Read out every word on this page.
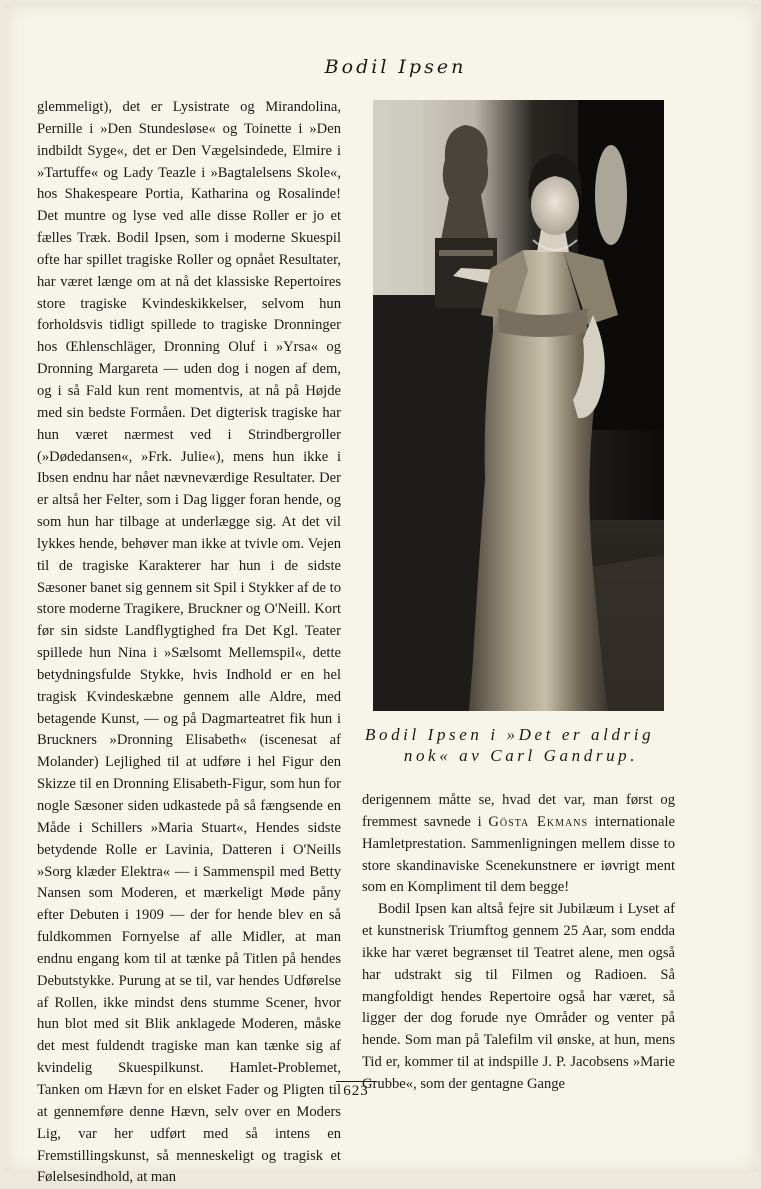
Bodil Ipsen

glemmeligt), det er Lysistrate og Mirandolina, Pernille i »Den Stundesløse« og Toinette i »Den indbildt Syge«, det er Den Vægelsindede, Elmire i »Tartuffe« og Lady Teazle i »Bagtalelsens Skole«, hos Shakespeare Portia, Katharina og Rosalinde! Det muntre og lyse ved alle disse Roller er jo et fælles Træk. Bodil Ipsen, som i moderne Skuespil ofte har spillet tragiske Roller og opnået Resultater, har været længe om at nå det klassiske Repertoires store tragiske Kvindeskikkelser, selvom hun forholdsvis tidligt spillede to tragiske Dronninger hos Œhlenschläger, Dronning Oluf i »Yrsa« og Dronning Margareta — uden dog i nogen af dem, og i så Fald kun rent momentvis, at nå på Højde med sin bedste Formåen. Det digterisk tragiske har hun været nærmest ved i Strindbergroller (»Dødedansen«, »Frk. Julie«), mens hun ikke i Ibsen endnu har nået nævneværdige Resultater. Der er altså her Felter, som i Dag ligger foran hende, og som hun har tilbage at underlægge sig. At det vil lykkes hende, behøver man ikke at tvivle om. Vejen til de tragiske Karakterer har hun i de sidste Sæsoner banet sig gennem sit Spil i Stykker af de to store moderne Tragikere, Bruckner og O'Neill. Kort før sin sidste Landflygtighed fra Det Kgl. Teater spillede hun Nina i »Sælsomt Mellemspil«, dette betydningsfulde Stykke, hvis Indhold er en hel tragisk Kvindeskæbne gennem alle Aldre, med betagende Kunst, — og på Dagmarteatret fik hun i Bruckners »Dronning Elisabeth« (iscenesat af Molander) Lejlighed til at udføre i hel Figur den Skizze til en Dronning Elisabeth-Figur, som hun for nogle Sæsoner siden udkastede på så fængsende en Måde i Schillers »Maria Stuart«, Hendes sidste betydende Rolle er Lavinia, Datteren i O'Neills »Sorg klæder Elektra« — i Sammenspil med Betty Nansen som Moderen, et mærkeligt Møde påny efter Debuten i 1909 — der for hende blev en så fuldkommen Fornyelse af alle Midler, at man endnu engang kom til at tænke på Titlen på hendes Debutstykke. Purung at se til, var hendes Udførelse af Rollen, ikke mindst dens stumme Scener, hvor hun blot med sit Blik anklagede Moderen, måske det mest fuldendt tragiske man kan tænke sig af kvindelig Skuespilkunst. Hamlet-Problemet, Tanken om Hævn for en elsket Fader og Pligten til at gennemføre denne Hævn, selv over en Moders Lig, var her udført med så intens en Fremstillingskunst, så menneskeligt og tragisk et Følelsesindhold, at man

Bodil Ipsen i »Det er aldrig

nok« av Carl Gandrup.

derigennem måtte se, hvad det var, man først og fremmest savnede i Gösta Ekmans internationale Hamletprestation. Sammenligningen mellem disse to store skandinaviske Scenekunstnere er iøvrigt ment som en Kompliment til dem begge!

Bodil Ipsen kan altså fejre sit Jubilæum i Lyset af et kunstnerisk Triumftog gennem 25 Aar, som endda ikke har været begrænset til Teatret alene, men også har udstrakt sig til Filmen og Radioen. Så mangfoldigt hendes Repertoire også har været, så ligger der dog forude nye Områder og venter på hende. Som man på Talefilm vil ønske, at hun, mens Tid er, kommer til at indspille J. P. Jacobsens »Marie Grubbe«, som der gentagne Gange

623
